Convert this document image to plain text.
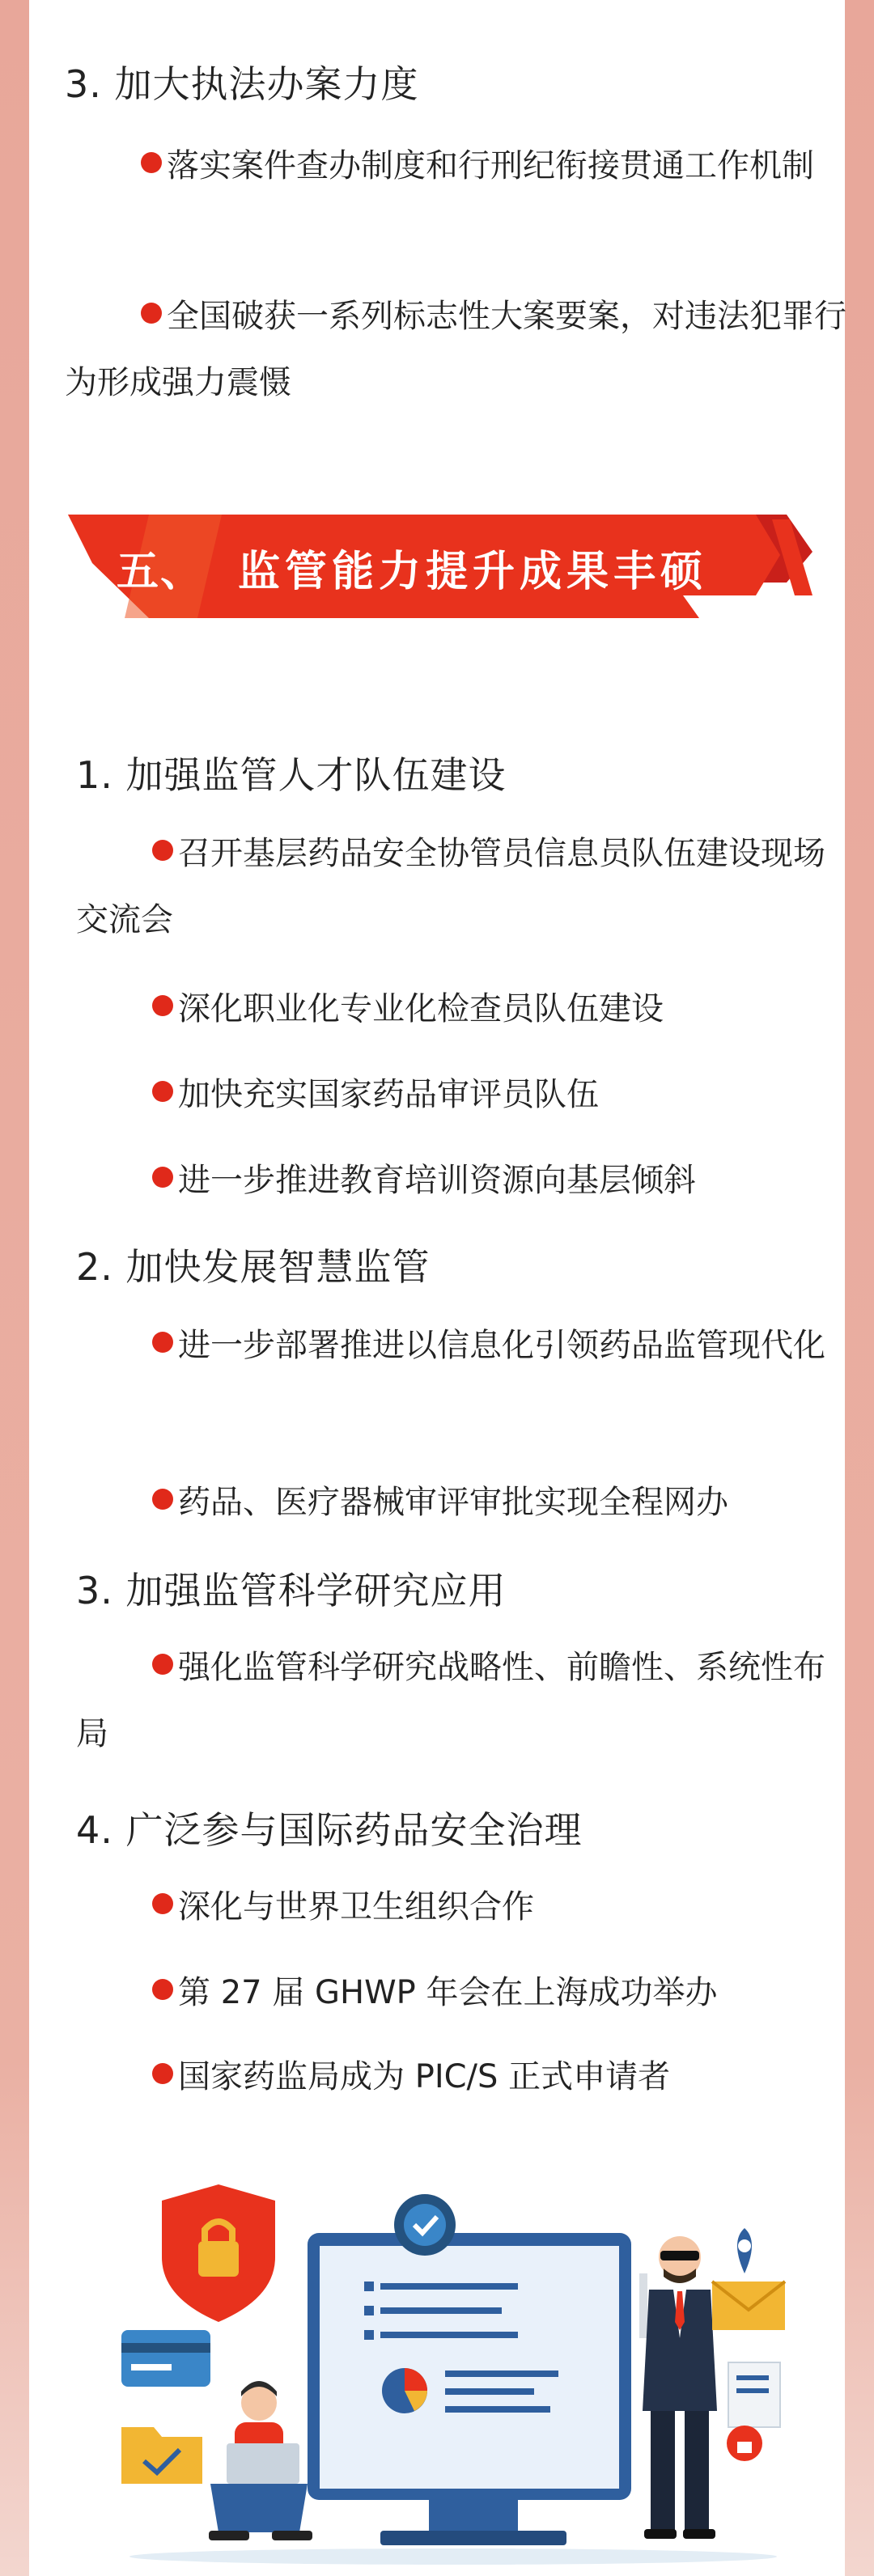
3. 加大执法办案力度
落实案件查办制度和行刑纪衔接贯通工作机制
全国破获一系列标志性大案要案，对违法犯罪行为形成强力震慑
五、 监管能力提升成果丰硕
1. 加强监管人才队伍建设
召开基层药品安全协管员信息员队伍建设现场交流会
深化职业化专业化检查员队伍建设
加快充实国家药品审评员队伍
进一步推进教育培训资源向基层倾斜
2. 加快发展智慧监管
进一步部署推进以信息化引领药品监管现代化
药品、医疗器械审评审批实现全程网办
3. 加强监管科学研究应用
强化监管科学研究战略性、前瞻性、系统性布局
4. 广泛参与国际药品安全治理
深化与世界卫生组织合作
第 27 届 GHWP 年会在上海成功举办
国家药监局成为 PIC/S 正式申请者
